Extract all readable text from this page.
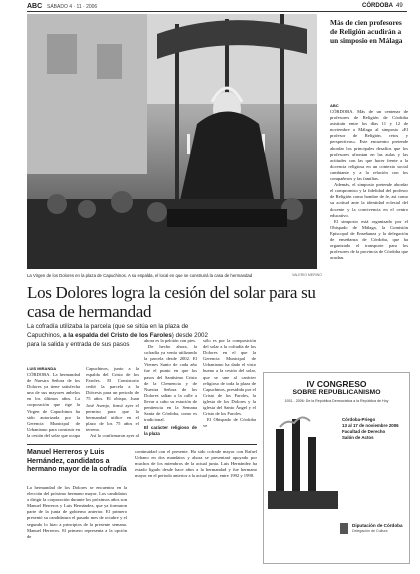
ABC SÁBADO 4 · 11 · 2006	CÓRDOBA 49
La Virgen de los Dolores en la plaza de Capuchinos. A su espalda, el local en que se construirá la casa de hermandad	VALERIO MERINO
Los Dolores logra la cesión del solar para su casa de hermandad
La cofradía utilizaba la parcela (que se sitúa en la plaza de Capuchinos, a la espalda del Cristo de los Faroles) desde 2002 para la salida y entrada de sus pasos
LUIS MIRANDA
CÓRDOBA. La hermandad de Nuestra Señora de los Dolores ya tiene satisfecha una de sus mayores anhelos en los últimos años. La corporación que rige la Virgen de Capuchinos ha sido autorizada por la Gerencia Municipal de Urbanismo para construir en la cesión del solar que ocupa
Capuchinos, junto a la espalda del Cristo de los Faroles. El Consistorio cedió la parcela a la Diócesis para un periodo de 75 años. El obispo, Juan José Asenjo, firmó ayer el permiso para que la hermandad utilice en el plazo de los 75 años el terreno.
Así lo confirmaron ayer al
ahora es la pelotón con pies.
De hecho ahora, la cofradía ya venía utilizando la parcela desde 2002. El Viernes Santo de cada año fue el punto en que los pasos del Santísimo Cristo de la Clemencia y de Nuestra Señora de los Dolores salían a la calle a llevar a cabo su estación de penitencia en la Semana Santa de Córdoba, como es tradicional.
El carácter religioso de la plaza
sólo es por la composición del solar a la cofradía de los Dolores en el que la Gerencia Municipal de Urbanismo ha dado el visto bueno a la cesión del solar, que se une al carácter religioso de toda la plaza de Capuchinos, presidida por el Cristo de los Faroles, la iglesia de los Dolores y la iglesia del Santo Ángel y el Cristo de los Faroles.
El Obispado de Córdoba ve
Más de cien profesores de Religión acudirán a un simposio en Málaga
ABC
CÓRDOBA. Más de un centenar de profesores de Religión de Córdoba asistirán entre los días 11 y 12 de noviembre a Málaga al simposio «El profesor de Religión, retos y perspectivas». Este encuentro pretende abordar los principales desafíos que los profesores afrontan en las aulas y las actitudes con las que hacer frente a la docencia religiosa en un contexto social cambiante y a la relación con los compañeros y las familias.
Además, el simposio pretende abordar el compromiso y la fidelidad del profesor de Religión como hombre de fe, así como su actitud ante la identidad eclesial del docente y la convivencia en el centro educativo.
El simposio está organizado por el Obispado de Málaga, la Comisión Episcopal de Enseñanza y la delegación de enseñanza de Córdoba, que ha organizado el transporte para los profesores de la provincia de Córdoba que acudan.
IV CONGRESO
SOBRE REPUBLICANISMO
1931 - 2006: De la República Democrática a la República de Hoy
Córdoba-Priego
13 al 17 de noviembre 2006
Facultad de Derecho
Salón de Actos
Diputación de Córdoba
Delegación de Cultura
Manuel Herreros y Luis Hernández, candidatos a hermano mayor de la cofradía
La hermandad de los Dolores se encuentra en la elección del próximo hermano mayor. Los candidatos a dirigir la corporación durante los próximos años son Manuel Herreros y Luis Hernández, que ya formaron parte de la junta de gobierno anterior. El primero presentó su candidatura el pasado mes de octubre y el segundo lo hizo a principios de la presente semana. Manuel Herreros. El primero representa a la opción de
continuidad con el presente. Ha sido cofrade mayor con Rafael Urbano en dos mandatos y ahora se presentará apoyado por muchos de los miembros de la actual junta. Luis Hernández ha estado ligado desde hace años a la hermandad y fue hermano mayor en el periodo anterior a la actual junta, entre 1992 y 1998.
